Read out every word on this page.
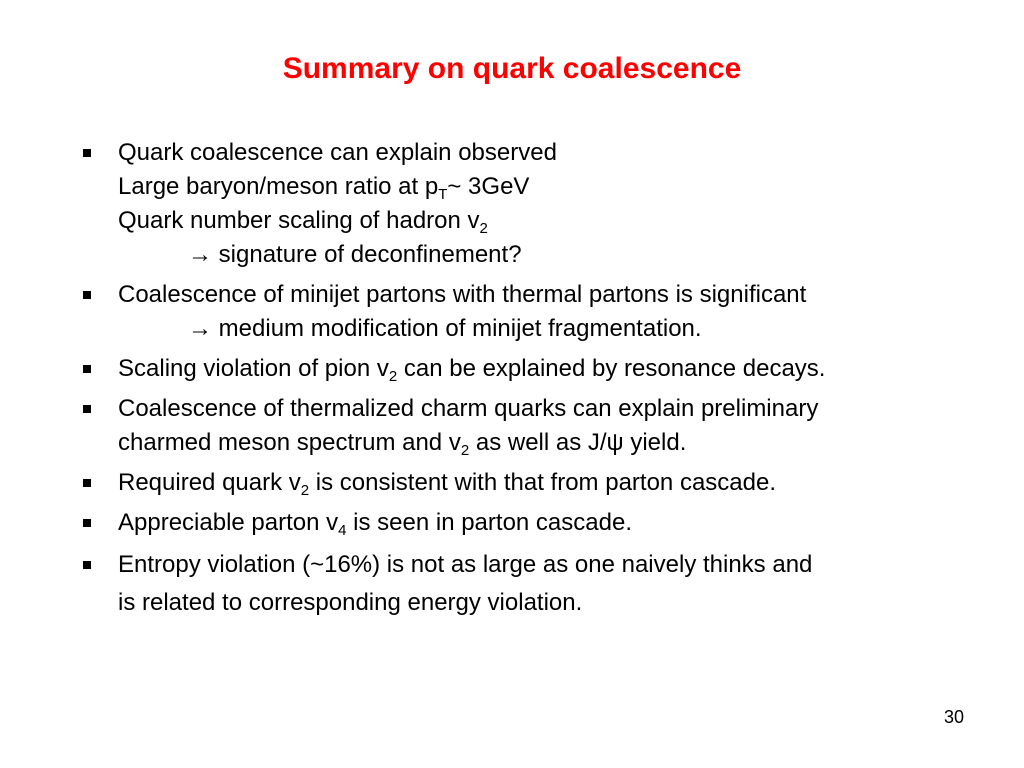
Summary on quark coalescence
Quark coalescence can explain observed
Large baryon/meson ratio at $p_T\sim$ 3GeV
Quark number scaling of hadron $v_2$
→ signature of deconfinement?
Coalescence of minijet partons with thermal partons is significant
→ medium modification of minijet fragmentation.
Scaling violation of pion $v_2$ can be explained by resonance decays.
Coalescence of thermalized charm quarks can explain preliminary
charmed meson spectrum and $v_2$ as well as J/ψ yield.
Required quark $v_2$ is consistent with that from parton cascade.
Appreciable parton $v_4$ is seen in parton cascade.
Entropy violation (~16%) is not as large as one naively thinks and
is related to corresponding energy violation.
30
